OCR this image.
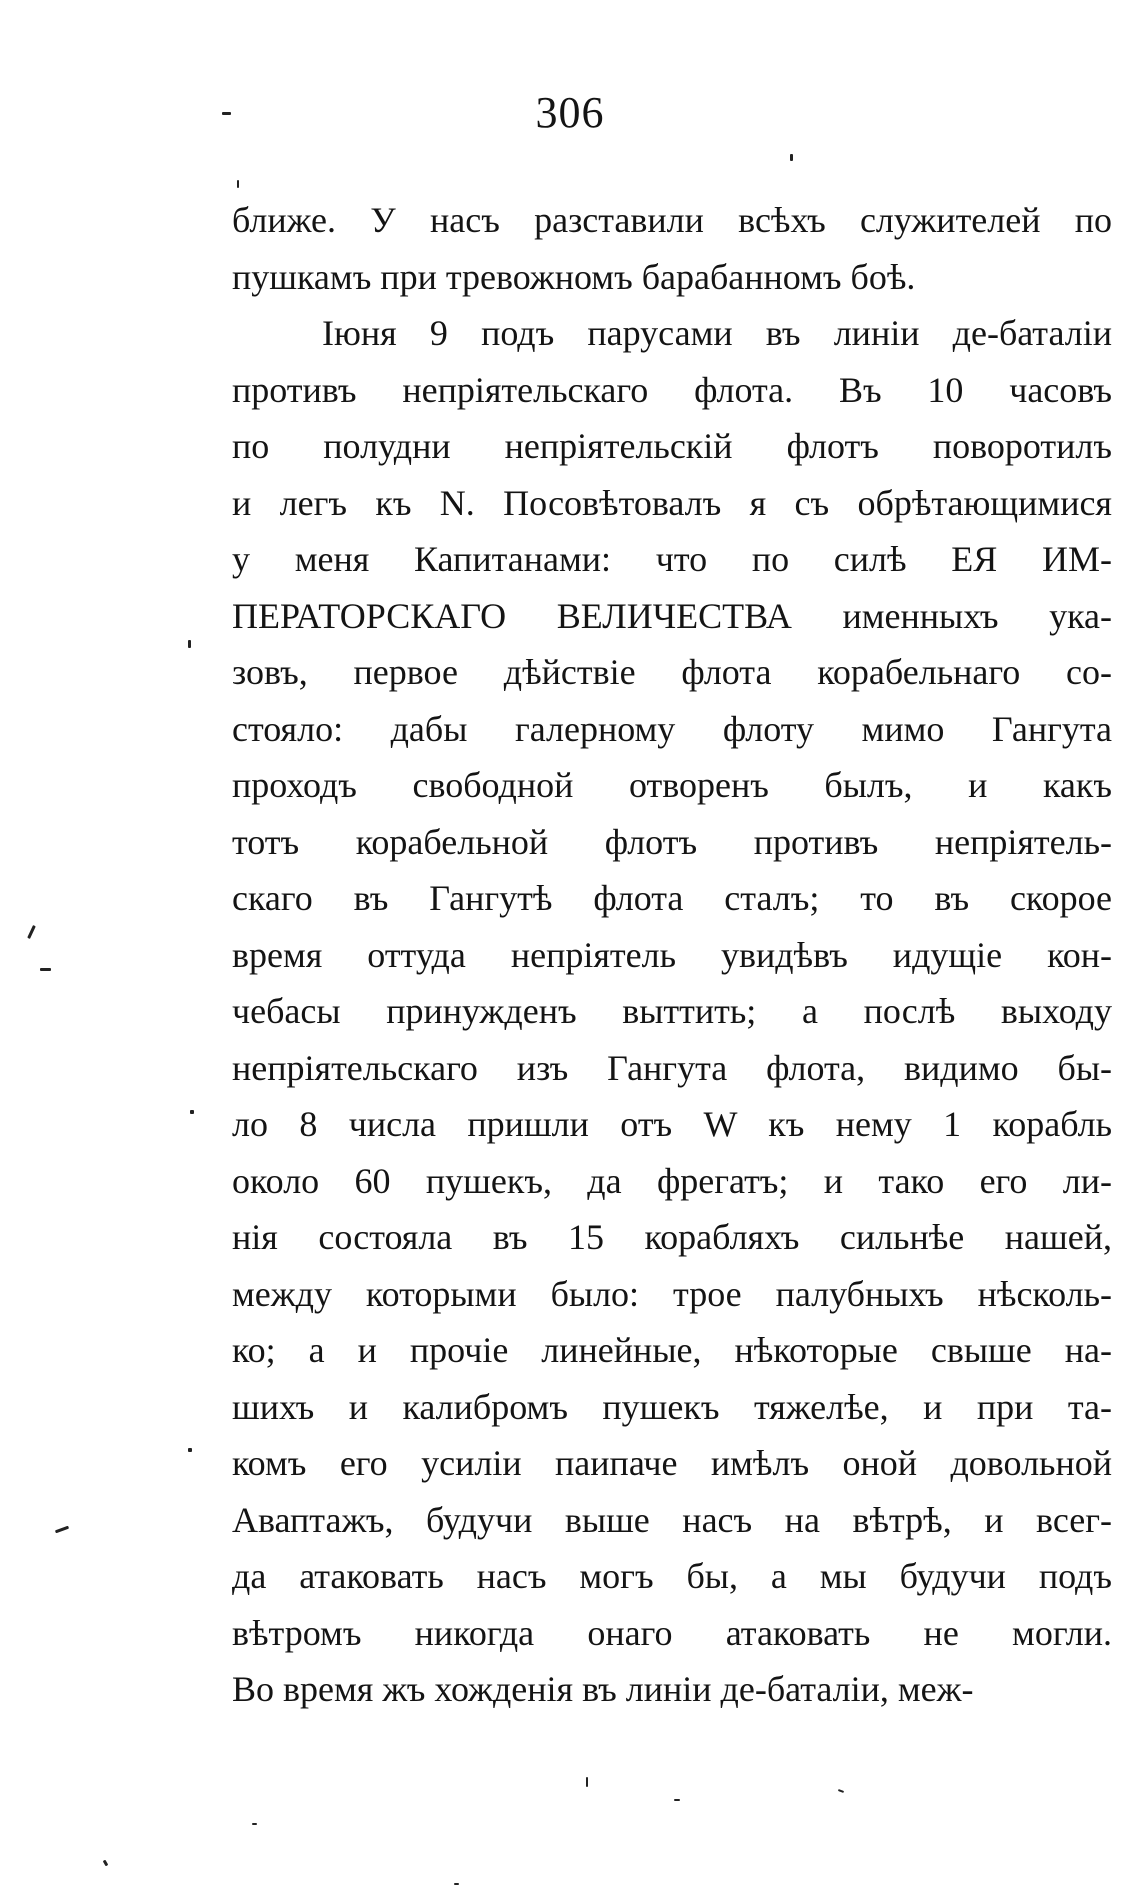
306
ближе. У насъ разставили всѣхъ служителей по
пушкамъ при тревожномъ барабанномъ боѣ.
Іюня 9 подъ парусами въ линіи де-баталіи
противъ непріятельскаго флота. Въ 10 часовъ
по полудни непріятельскій флотъ поворотилъ
и легъ къ N. Посовѣтовалъ я съ обрѣтающимися
у меня Капитанами: что по силѣ ЕЯ ИМ-
ПЕРАТОРСКАГО ВЕЛИЧЕСТВА именныхъ ука-
зовъ, первое дѣйствіе флота корабельнаго со-
стояло: дабы галерному флоту мимо Гангута
проходъ свободной отворенъ былъ, и какъ
тотъ корабельной флотъ противъ непріятель-
скаго въ Гангутѣ флота сталъ; то въ скорое
время оттуда непріятель увидѣвъ идущіе кон-
чебасы принужденъ выттить; а послѣ выходу
непріятельскаго изъ Гангута флота, видимо бы-
ло 8 числа пришли отъ W къ нему 1 корабль
около 60 пушекъ, да фрегатъ; и тако его ли-
нія состояла въ 15 корабляхъ сильнѣе нашей,
между которыми было: трое палубныхъ нѣсколь-
ко; а и прочіе линейные, нѣкоторые свыше на-
шихъ и калибромъ пушекъ тяжелѣе, и при та-
комъ его усиліи паипаче имѣлъ оной довольной
Аваптажъ, будучи выше насъ на вѣтрѣ, и всег-
да атаковать насъ могъ бы, а мы будучи подъ
вѣтромъ никогда онаго атаковать не могли.
Во время жъ хожденія въ линіи де-баталіи, меж-
